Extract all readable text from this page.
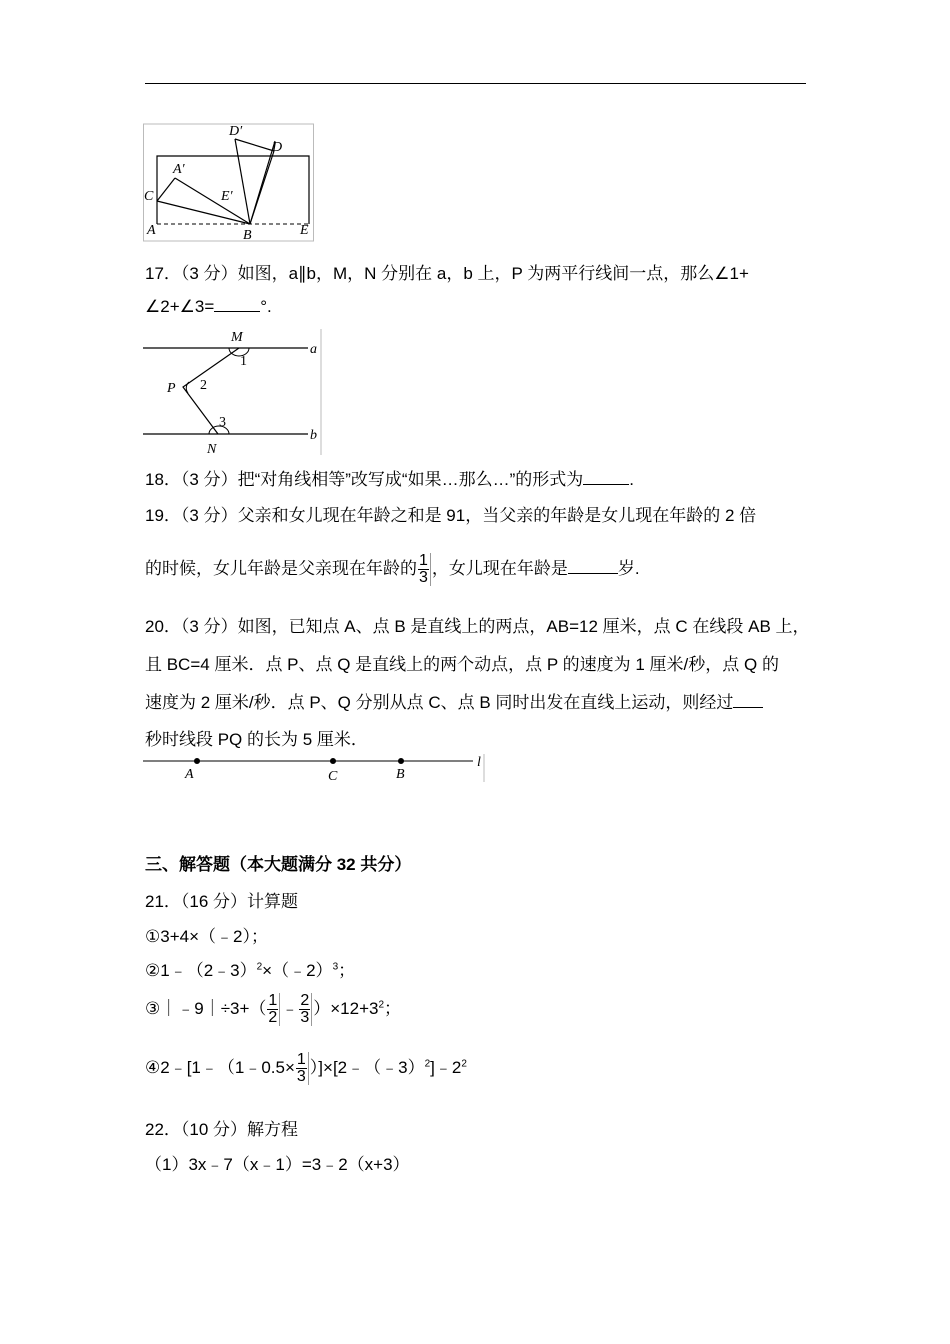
D′
D
A′
C	E′
A	B	E
17．（3 分）如图，a∥b，M，N 分别在 a，b 上，P 为两平行线间一点，那么∠1+
∠2+∠3=	°.
M
a
1
P 2
3
N
b
18．（3 分）把“对角线相等”改写成“如果…那么…”的形式为	.
19．（3 分）父亲和女儿现在年龄之和是 91，当父亲的年龄是女儿现在年龄的 2 倍
的时候，女儿年龄是父亲现在年龄的 $\frac{1}{3}$ ，女儿现在年龄是	岁.
20．（3 分）如图，已知点 A、点 B 是直线上的两点，AB=12 厘米，点 C 在线段 AB 上，
且 BC=4 厘米．点 P、点 Q 是直线上的两个动点，点 P 的速度为 1 厘米/秒，点 Q 的
速度为 2 厘米/秒．点 P、Q 分别从点 C、点 B 同时出发在直线上运动，则经过
秒时线段 PQ 的长为 5 厘米．
A	C	B
l
三、解答题（本大题满分 32 共分）
21．（16 分）计算题
①3+4×（﹣2）；
②1﹣（2﹣3）$^2$×（﹣2）$^3$；
③｜﹣9｜÷3+（ $\frac{1}{2}$ ﹣ $\frac{2}{3} )\times 12+3^2$；
④2﹣[1﹣（1﹣0.5× $\frac{1}{3}$ ）]$\times[2﹣(﹣3)^2]﹣2^2$
22．（10 分）解方程
（1）3x﹣7（x﹣1）=3﹣2（x+3）
